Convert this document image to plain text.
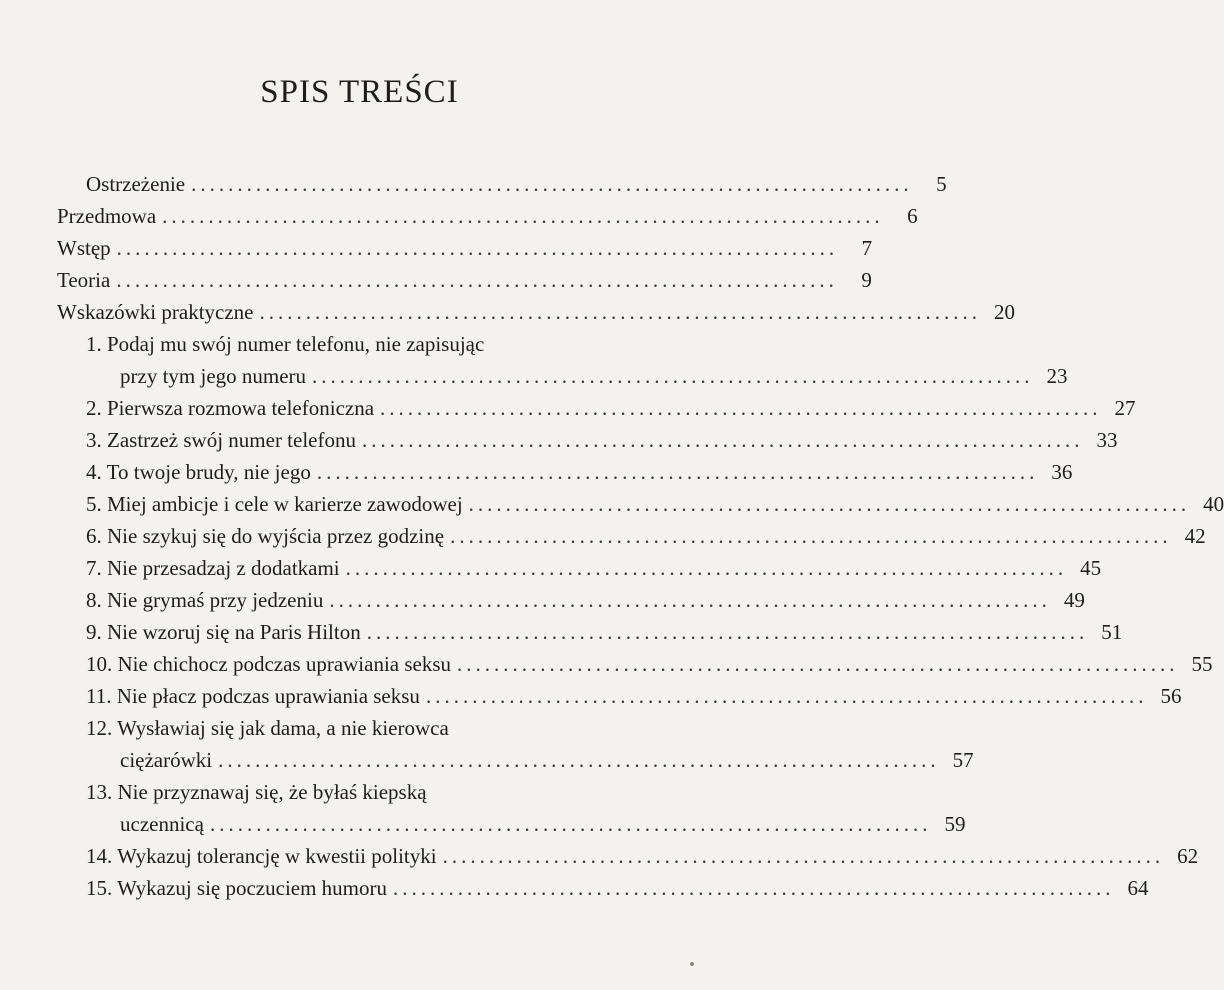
SPIS TREŚCI
Ostrzeżenie ..............................................................................	5
Przedmowa ..............................................................................	6
Wstęp ..............................................................................	7
Teoria ..............................................................................	9
Wskazówki praktyczne .............................................................................. 20
1. Podaj mu swój numer telefonu, nie zapisując
przy tym jego numeru .............................................................................. 23
2. Pierwsza rozmowa telefoniczna .............................................................................. 27
3. Zastrzeż swój numer telefonu .............................................................................. 33
4. To twoje brudy, nie jego .............................................................................. 36
5. Miej ambicje i cele w karierze zawodowej .............................................................................. 40
6. Nie szykuj się do wyjścia przez godzinę .............................................................................. 42
7. Nie przesadzaj z dodatkami .............................................................................. 45
8. Nie grymaś przy jedzeniu .............................................................................. 49
9. Nie wzoruj się na Paris Hilton .............................................................................. 51
10. Nie chichocz podczas uprawiania seksu .............................................................................. 55
11. Nie płacz podczas uprawiania seksu .............................................................................. 56
12. Wysławiaj się jak dama, a nie kierowca
ciężarówki .............................................................................. 57
13. Nie przyznawaj się, że byłaś kiepską
uczennicą .............................................................................. 59
14. Wykazuj tolerancję w kwestii polityki .............................................................................. 62
15. Wykazuj się poczuciem humoru .............................................................................. 64
